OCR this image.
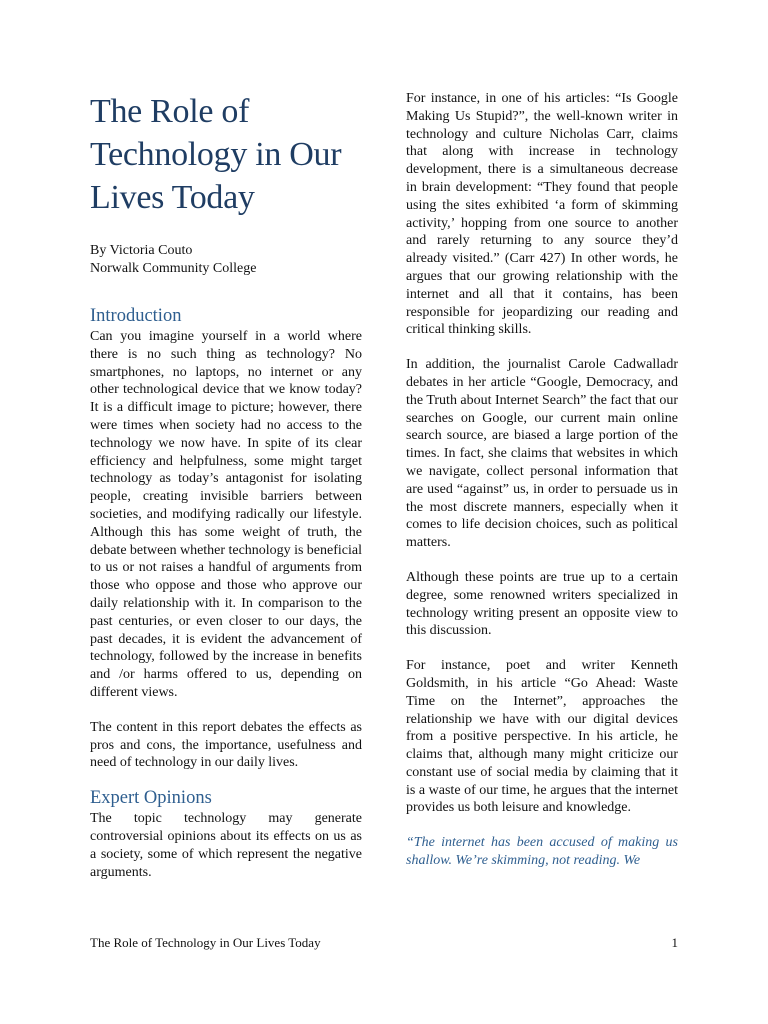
The Role of Technology in Our Lives Today
By Victoria Couto
Norwalk Community College
Introduction

Can you imagine yourself in a world where there is no such thing as technology? No smartphones, no laptops, no internet or any other technological device that we know today? It is a difficult image to picture; however, there were times when society had no access to the technology we now have. In spite of its clear efficiency and helpfulness, some might target technology as today’s antagonist for isolating people, creating invisible barriers between societies, and modifying radically our lifestyle. Although this has some weight of truth, the debate between whether technology is beneficial to us or not raises a handful of arguments from those who oppose and those who approve our daily relationship with it. In comparison to the past centuries, or even closer to our days, the past decades, it is evident the advancement of technology, followed by the increase in benefits and /or harms offered to us, depending on different views.

The content in this report debates the effects as pros and cons, the importance, usefulness and need of technology in our daily lives.

Expert Opinions

The topic technology may generate controversial opinions about its effects on us as a society, some of which represent the negative arguments.

For instance, in one of his articles: “Is Google Making Us Stupid?”, the well-known writer in technology and culture Nicholas Carr, claims that along with increase in technology development, there is a simultaneous decrease in brain development: “They found that people using the sites exhibited ‘a form of skimming activity,’ hopping from one source to another and rarely returning to any source they’d already visited.” (Carr 427) In other words, he argues that our growing relationship with the internet and all that it contains, has been responsible for jeopardizing our reading and critical thinking skills.

In addition, the journalist Carole Cadwalladr debates in her article “Google, Democracy, and the Truth about Internet Search” the fact that our searches on Google, our current main online search source, are biased a large portion of the times. In fact, she claims that websites in which we navigate, collect personal information that are used “against” us, in order to persuade us in the most discrete manners, especially when it comes to life decision choices, such as political matters.

Although these points are true up to a certain degree, some renowned writers specialized in technology writing present an opposite view to this discussion.

For instance, poet and writer Kenneth Goldsmith, in his article “Go Ahead: Waste Time on the Internet”, approaches the relationship we have with our digital devices from a positive perspective. In his article, he claims that, although many might criticize our constant use of social media by claiming that it is a waste of our time, he argues that the internet provides us both leisure and knowledge.

“The internet has been accused of making us shallow. We’re skimming, not reading. We
The Role of Technology in Our Lives Today	1
